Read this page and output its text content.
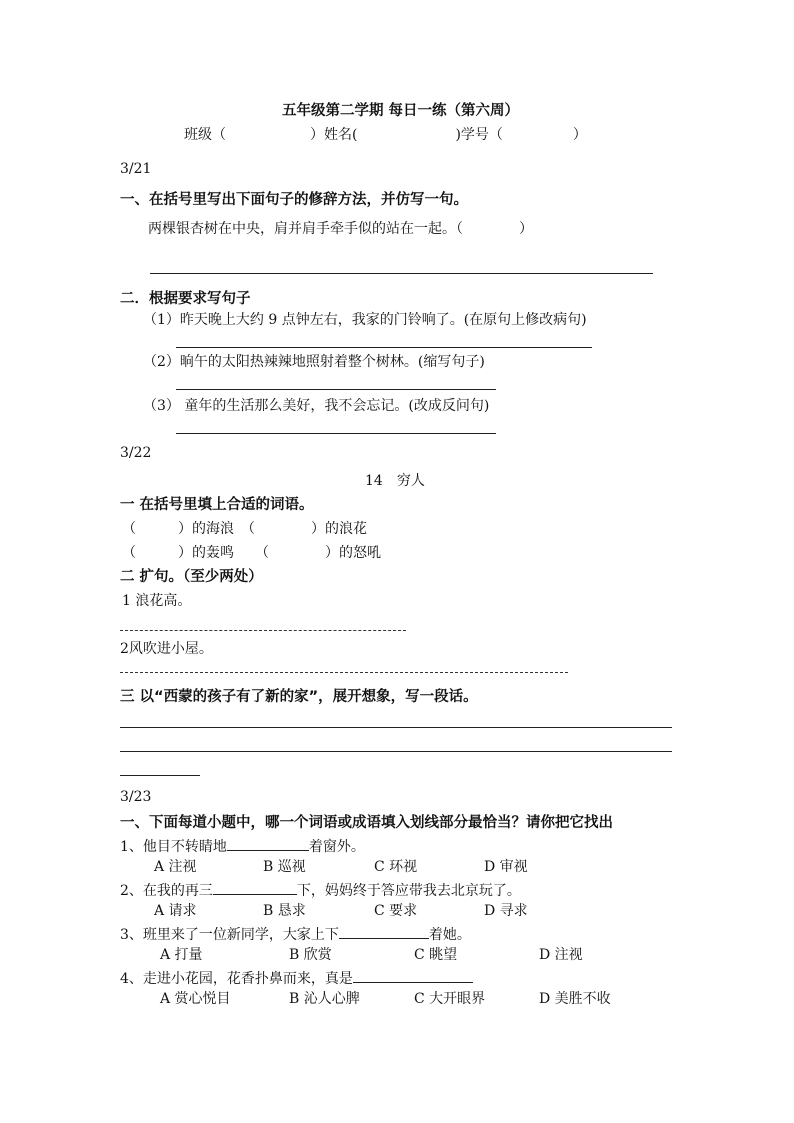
五年级第二学期 每日一练（第六周）
班级（　　　　　　）姓名(　　　　　　　)学号（　　　　　）
3/21
一、在括号里写出下面句子的修辞方法，并仿写一句。
两棵银杏树在中央，肩并肩手牵手似的站在一起。（　　　　）
二．根据要求写句子
（1）昨天晚上大约 9 点钟左右，我家的门铃响了。(在原句上修改病句)
（2）晌午的太阳热辣辣地照射着整个树林。(缩写句子)
（3） 童年的生活那么美好，我不会忘记。(改成反问句)
3/22
14　穷人
一 在括号里填上合适的词语。
（　　　）的海浪　（　　　　）的浪花
（　　　）的轰鸣　　（　　　　）的怒吼
二 扩句。（至少两处）
1 浪花高。
2风吹进小屋。
三 以“西蒙的孩子有了新的家”，展开想象，写一段话。
3/23
一、下面每道小题中，哪一个词语或成语填入划线部分最恰当？请你把它找出
1、他目不转睛地	着窗外。
A 注视	B 巡视	C 环视	D 审视
2、在我的再三	下，妈妈终于答应带我去北京玩了。
A 请求	B 恳求	C 要求	D 寻求
3、班里来了一位新同学，大家上下	着她。
A 打量	B 欣赏	C 眺望	D 注视
4、走进小花园，花香扑鼻而来，真是
A 赏心悦目	B 沁人心脾	C 大开眼界	D 美胜不收
